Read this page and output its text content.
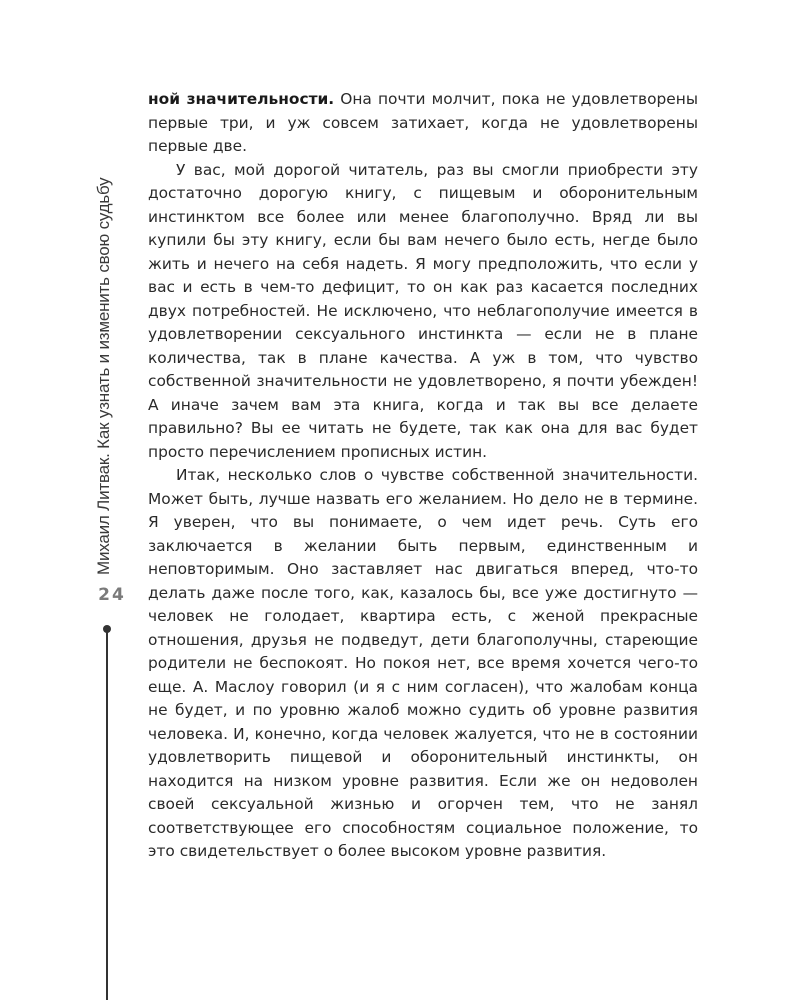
Михаил Литвак. Как узнать и изменить свою судьбу
24

ной значительности. Она почти молчит, пока не удовлетворены первые три, и уж совсем затихает, когда не удовлетворены первые две.

У вас, мой дорогой читатель, раз вы смогли приобрести эту достаточно дорогую книгу, с пищевым и оборонительным инстинктом все более или менее благополучно. Вряд ли вы купили бы эту книгу, если бы вам нечего было есть, негде было жить и нечего на себя надеть. Я могу предположить, что если у вас и есть в чем-то дефицит, то он как раз касается последних двух потребностей. Не исключено, что неблагополучие имеется в удовлетворении сексуального инстинкта — если не в плане количества, так в плане качества. А уж в том, что чувство собственной значительности не удовлетворено, я почти убежден! А иначе зачем вам эта книга, когда и так вы все делаете правильно? Вы ее читать не будете, так как она для вас будет просто перечислением прописных истин.

Итак, несколько слов о чувстве собственной значительности. Может быть, лучше назвать его желанием. Но дело не в термине. Я уверен, что вы понимаете, о чем идет речь. Суть его заключается в желании быть первым, единственным и неповторимым. Оно заставляет нас двигаться вперед, что-то делать даже после того, как, казалось бы, все уже достигнуто — человек не голодает, квартира есть, с женой прекрасные отношения, друзья не подведут, дети благополучны, стареющие родители не беспокоят. Но покоя нет, все время хочется чего-то еще. А. Маслоу говорил (и я с ним согласен), что жалобам конца не будет, и по уровню жалоб можно судить об уровне развития человека. И, конечно, когда человек жалуется, что не в состоянии удовлетворить пищевой и оборонительный инстинкты, он находится на низком уровне развития. Если же он недоволен своей сексуальной жизнью и огорчен тем, что не занял соответствующее его способностям социальное положение, то это свидетельствует о более высоком уровне развития.
